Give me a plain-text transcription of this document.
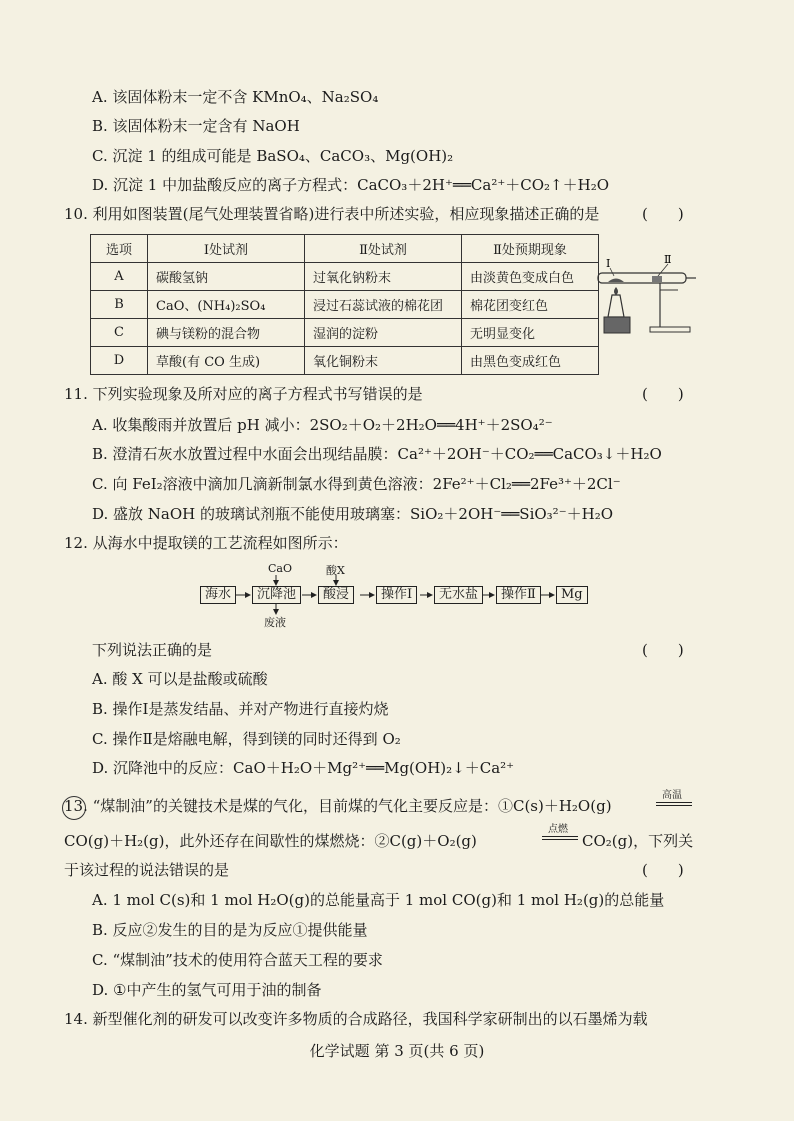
A. 该固体粉末一定不含 KMnO₄、Na₂SO₄
B. 该固体粉末一定含有 NaOH
C. 沉淀 1 的组成可能是 BaSO₄、CaCO₃、Mg(OH)₂
D. 沉淀 1 中加盐酸反应的离子方程式：CaCO₃＋2H⁺══Ca²⁺＋CO₂↑＋H₂O
10. 利用如图装置(尾气处理装置省略)进行表中所述实验，相应现象描述正确的是	(　　)
选项	Ⅰ处试剂	Ⅱ处试剂	Ⅱ处预期现象
A	碳酸氢钠	过氧化钠粉末	由淡黄色变成白色
B	CaO、(NH₄)₂SO₄	浸过石蕊试液的棉花团	棉花团变红色
C	碘与镁粉的混合物	湿润的淀粉	无明显变化
D	草酸(有 CO 生成)	氧化铜粉末	由黑色变成红色
Ⅰ	Ⅱ
11. 下列实验现象及所对应的离子方程式书写错误的是	(　　)
A. 收集酸雨并放置后 pH 减小：2SO₂＋O₂＋2H₂O══4H⁺＋2SO₄²⁻
B. 澄清石灰水放置过程中水面会出现结晶膜：Ca²⁺＋2OH⁻＋CO₂══CaCO₃↓＋H₂O
C. 向 FeI₂溶液中滴加几滴新制氯水得到黄色溶液：2Fe²⁺＋Cl₂══2Fe³⁺＋2Cl⁻
D. 盛放 NaOH 的玻璃试剂瓶不能使用玻璃塞：SiO₂＋2OH⁻══SiO₃²⁻＋H₂O
12. 从海水中提取镁的工艺流程如图所示：
海水	沉降池	酸浸	操作Ⅰ	无水盐	操作Ⅱ	Mg
CaO	酸X
废液
下列说法正确的是	(　　)
A. 酸 X 可以是盐酸或硫酸
B. 操作Ⅰ是蒸发结晶、并对产物进行直接灼烧
C. 操作Ⅱ是熔融电解，得到镁的同时还得到 O₂
D. 沉降池中的反应：CaO＋H₂O＋Mg²⁺══Mg(OH)₂↓＋Ca²⁺
13. “煤制油”的关键技术是煤的气化，目前煤的气化主要反应是：①C(s)＋H₂O(g)
高温
CO(g)＋H₂(g)，此外还存在间歇性的煤燃烧：②C(g)＋O₂(g)
点燃
CO₂(g)，下列关
于该过程的说法错误的是	(　　)
A. 1 mol C(s)和 1 mol H₂O(g)的总能量高于 1 mol CO(g)和 1 mol H₂(g)的总能量
B. 反应②发生的目的是为反应①提供能量
C. “煤制油”技术的使用符合蓝天工程的要求
D. ①中产生的氢气可用于油的制备
14. 新型催化剂的研发可以改变许多物质的合成路径，我国科学家研制出的以石墨烯为载
化学试题 第 3 页(共 6 页)
